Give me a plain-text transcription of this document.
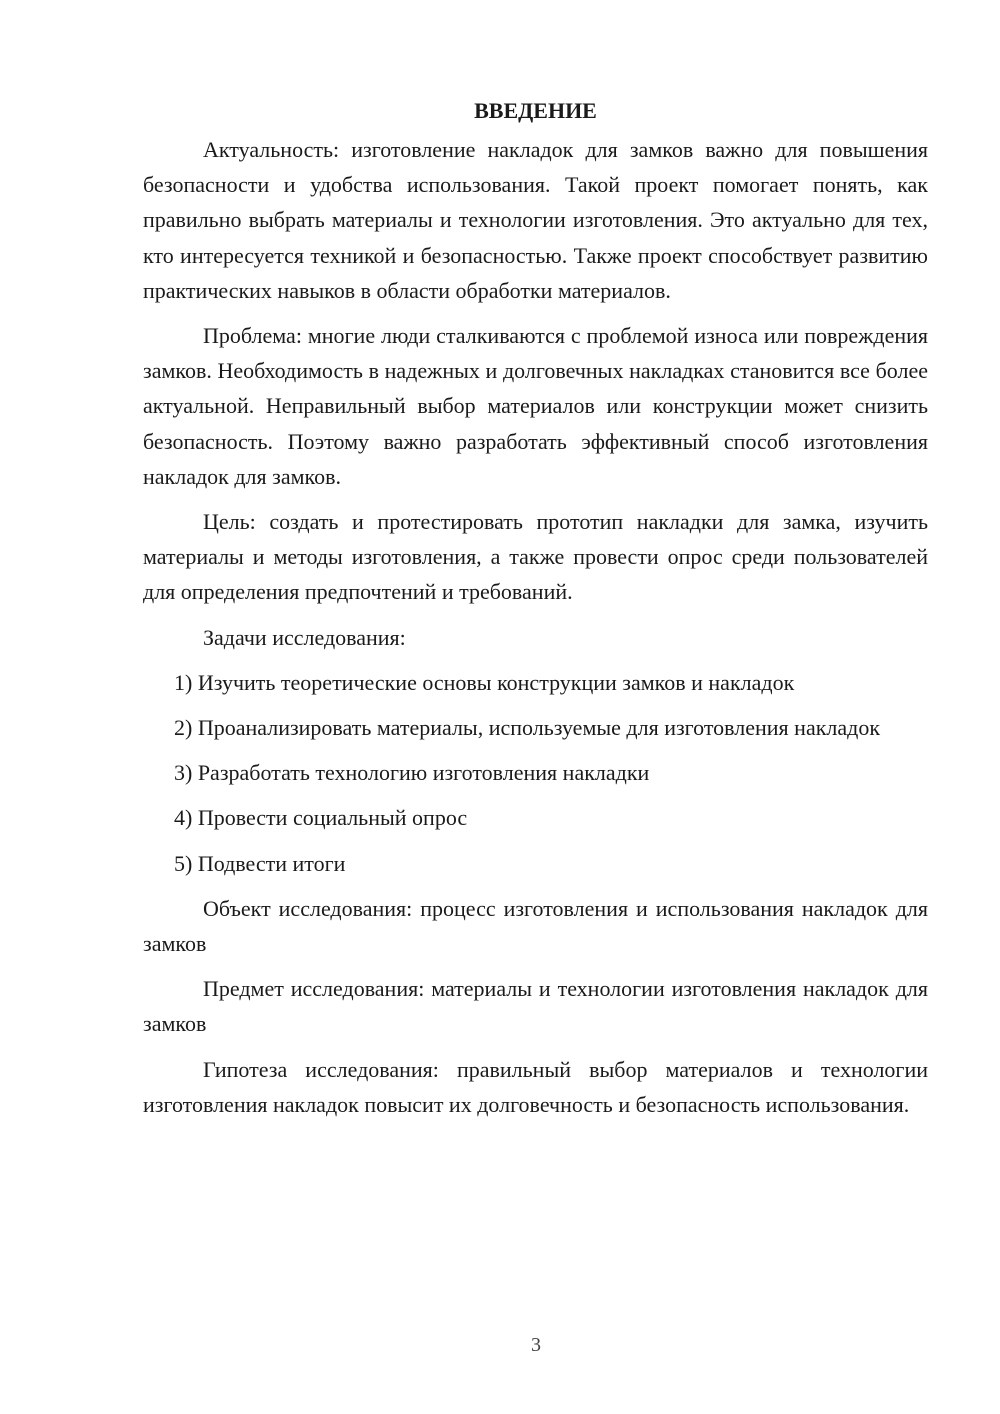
ВВЕДЕНИЕ

Актуальность: изготовление накладок для замков важно для повышения безопасности и удобства использования. Такой проект помогает понять, как правильно выбрать материалы и технологии изготовления. Это актуально для тех, кто интересуется техникой и безопасностью. Также проект способствует развитию практических навыков в области обработки материалов.

Проблема: многие люди сталкиваются с проблемой износа или повреждения замков. Необходимость в надежных и долговечных накладках становится все более актуальной. Неправильный выбор материалов или конструкции может снизить безопасность. Поэтому важно разработать эффективный способ изготовления накладок для замков.

Цель: создать и протестировать прототип накладки для замка, изучить материалы и методы изготовления, а также провести опрос среди пользователей для определения предпочтений и требований.

Задачи исследования:

1) Изучить теоретические основы конструкции замков и накладок

2) Проанализировать материалы, используемые для изготовления накладок

3) Разработать технологию изготовления накладки

4) Провести социальный опрос

5) Подвести итоги

Объект исследования: процесс изготовления и использования накладок для замков

Предмет исследования: материалы и технологии изготовления накладок для замков

Гипотеза исследования: правильный выбор материалов и технологии изготовления накладок повысит их долговечность и безопасность использования.

3
